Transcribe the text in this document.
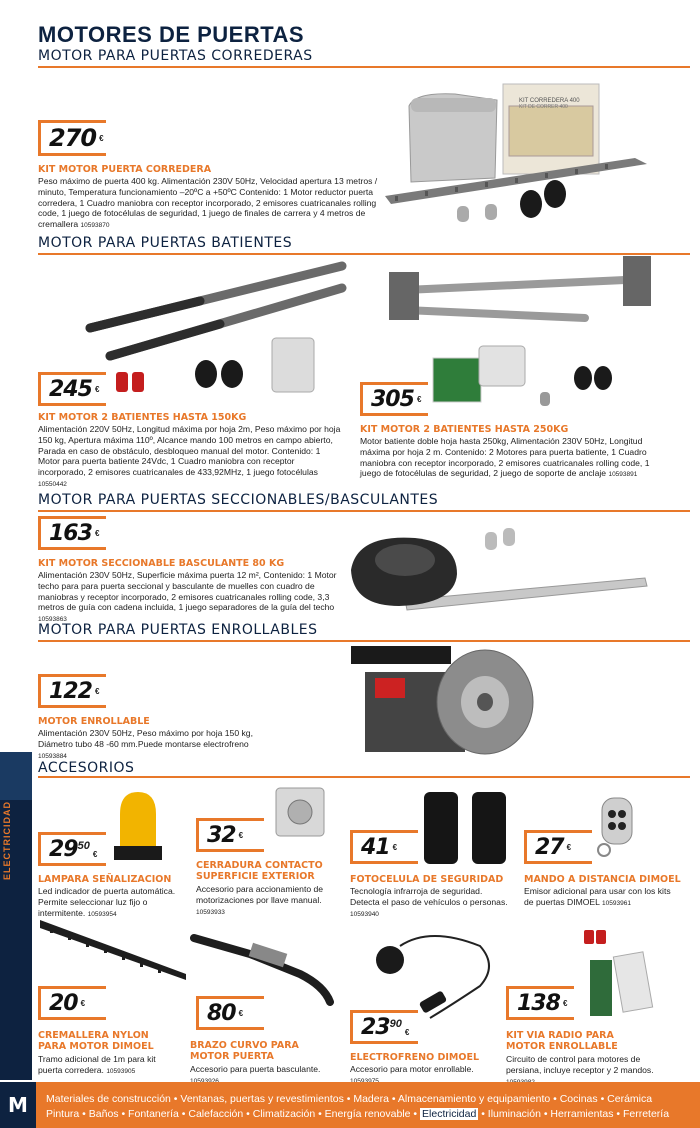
MOTORES DE PUERTAS
MOTOR PARA PUERTAS CORREDERAS
270 €
KIT MOTOR PUERTA CORREDERA
Peso máximo de puerta 400 kg. Alimentación 230V 50Hz, Velocidad apertura 13 metros / minuto, Temperatura funcionamiento –20ºC a +50ºC Contenido: 1 Motor reductor puerta corredera, 1 Cuadro maniobra con receptor incorporado, 2 emisores cuatricanales rolling code, 1 juego de fotocélulas de seguridad, 1 juego de finales de carrera y 4 metros de cremallera 10593870
KIT CORREDERA 400
KIT DE CORRER 400
MOTOR PARA PUERTAS BATIENTES
245 €
KIT MOTOR 2 BATIENTES HASTA 150KG
Alimentación 220V 50Hz, Longitud máxima por hoja 2m, Peso máximo por hoja 150 kg, Apertura máxima 110º, Alcance mando 100 metros en campo abierto, Parada en caso de obstáculo, desbloqueo manual del motor. Contenido: 1 Motor para puerta batiente 24Vdc, 1 Cuadro maniobra con receptor incorporado, 2 emisores cuatricanales de 433,92MHz, 1 juego fotocélulas 10550442
305 €
KIT MOTOR 2 BATIENTES HASTA 250KG
Motor batiente doble hoja hasta 250kg, Alimentación 230V 50Hz, Longitud máxima por hoja 2 m. Contenido: 2 Motores para puerta batiente, 1 Cuadro maniobra con receptor incorporado, 2 emisores cuatricanales rolling code, 1 juego de fotocélulas de seguridad, 2 juego de soporte de anclaje 10593891
MOTOR PARA PUERTAS SECCIONABLES/BASCULANTES
163 €
KIT MOTOR SECCIONABLE BASCULANTE 80 KG
Alimentación 230V 50Hz, Superficie máxima puerta 12 m², Contenido: 1 Motor techo para para puerta seccional y basculante de muelles con cuadro de maniobras y receptor incorporado, 2 emisores cuatricanales rolling code, 3,3 metros de guía con cadena incluida, 1 juego separadores de la guía del techo 10593863
MOTOR PARA PUERTAS ENROLLABLES
122 €
MOTOR ENROLLABLE
Alimentación 230V 50Hz, Peso máximo por hoja 150 kg, Diámetro tubo 48 -60 mm.Puede montarse electrofreno 10593884
ACCESORIOS
ELECTRICIDAD 29 50
€
LAMPARA SEÑALIZACION
Led indicador de puerta automática. Permite seleccionar luz fijo o intermitente. 10593954
32 €
CERRADURA CONTACTO SUPERFICIE EXTERIOR
Accesorio para accionamiento de motorizaciones por llave manual. 10593933
41 €
FOTOCELULA DE SEGURIDAD
Tecnología infrarroja de seguridad. Detecta el paso de vehículos o personas. 10593940
27 €
MANDO A DISTANCIA DIMOEL
Emisor adicional para usar con los kits de puertas DIMOEL 10593961
20 €
CREMALLERA NYLON PARA MOTOR DIMOEL
Tramo adicional de 1m para kit puerta corredera. 10593905
80 €
BRAZO CURVO PARA MOTOR PUERTA
Accesorio para puerta basculante.
23 90
€
ELECTROFRENO DIMOEL
Accesorio para motor enrollable.
138 €
KIT VIA RADIO PARA MOTOR ENROLLABLE
Circuito de control para motores de persiana, incluye receptor y 2 mandos.
M	Materiales de construcción • Ventanas, puertas y revestimientos • Madera • Almacenamiento y equipamiento • Cocinas • Cerámica
Pintura • Baños • Fontanería • Calefacción • Climatización • Energía renovable • Electricidad • Iluminación • Herramientas • Ferretería
